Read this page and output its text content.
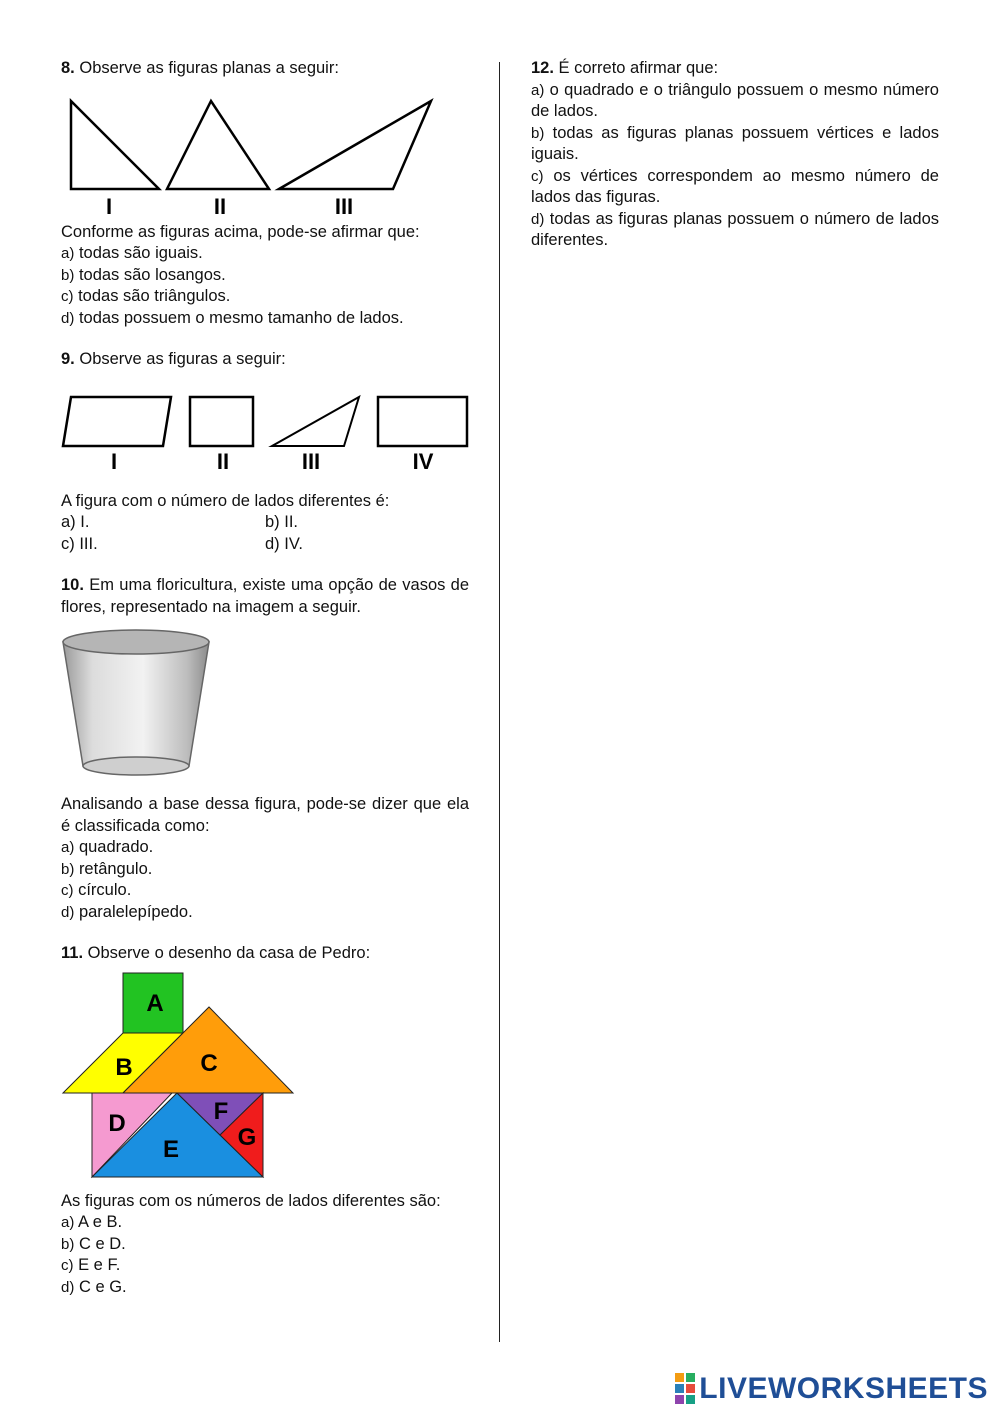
8. Observe as figuras planas a seguir:

I	II	III

Conforme as figuras acima, pode-se afirmar que:

a) todas são iguais.

b) todas são losangos.

c) todas são triângulos.

d) todas possuem o mesmo tamanho de lados.

9. Observe as figuras a seguir:

I	II	III	IV

A figura com o número de lados diferentes é:

a) I.	b) II.
c) III.	d) IV.

10. Em uma floricultura, existe uma opção de vasos de flores, representado na imagem a seguir.

Analisando a base dessa figura, pode-se dizer que ela é classificada como:

a) quadrado.

b) retângulo.

c) círculo.

d) paralelepípedo.

11. Observe o desenho da casa de Pedro:

A
B	C
D
E
F
G

As figuras com os números de lados diferentes são:

a) A e B.

b) C e D.

c) E e F.

d) C e G.

12. É correto afirmar que:

a) o quadrado e o triângulo possuem o mesmo número de lados.

b) todas as figuras planas possuem vértices e lados iguais.

c) os vértices correspondem ao mesmo número de lados das figuras.

d) todas as figuras planas possuem o número de lados diferentes.

LIVEWORKSHEETS
